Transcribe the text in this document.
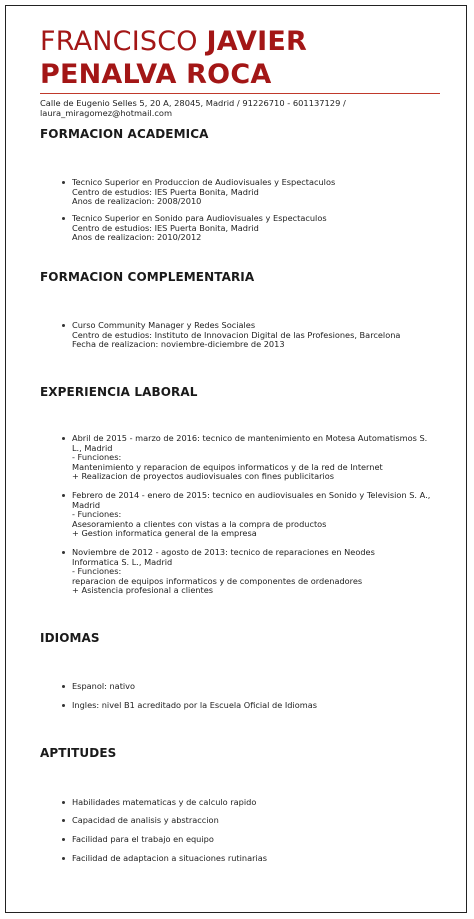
FRANCISCO JAVIER
PENALVA ROCA
Calle de Eugenio Selles 5, 20 A, 28045, Madrid / 91226710 - 601137129 /
laura_miragomez@hotmail.com
FORMACION ACADEMICA
Tecnico Superior en Produccion de Audiovisuales y Espectaculos
Centro de estudios: IES Puerta Bonita, Madrid
Anos de realizacion: 2008/2010
Tecnico Superior en Sonido para Audiovisuales y Espectaculos
Centro de estudios: IES Puerta Bonita, Madrid
Anos de realizacion: 2010/2012
FORMACION COMPLEMENTARIA
Curso Community Manager y Redes Sociales
Centro de estudios: Instituto de Innovacion Digital de las Profesiones, Barcelona
Fecha de realizacion: noviembre-diciembre de 2013
EXPERIENCIA LABORAL
Abril de 2015 - marzo de 2016: tecnico de mantenimiento en Motesa Automatismos S.
L., Madrid
- Funciones:
Mantenimiento y reparacion de equipos informaticos y de la red de Internet
+ Realizacion de proyectos audiovisuales con fines publicitarios
Febrero de 2014 - enero de 2015: tecnico en audiovisuales en Sonido y Television S. A.,
Madrid
- Funciones:
Asesoramiento a clientes con vistas a la compra de productos
+ Gestion informatica general de la empresa
Noviembre de 2012 - agosto de 2013: tecnico de reparaciones en Neodes
Informatica S. L., Madrid
- Funciones:
reparacion de equipos informaticos y de componentes de ordenadores
+ Asistencia profesional a clientes
IDIOMAS
Espanol: nativo
Ingles: nivel B1 acreditado por la Escuela Oficial de Idiomas
APTITUDES
Habilidades matematicas y de calculo rapido
Capacidad de analisis y abstraccion
Facilidad para el trabajo en equipo
Facilidad de adaptacion a situaciones rutinarias
